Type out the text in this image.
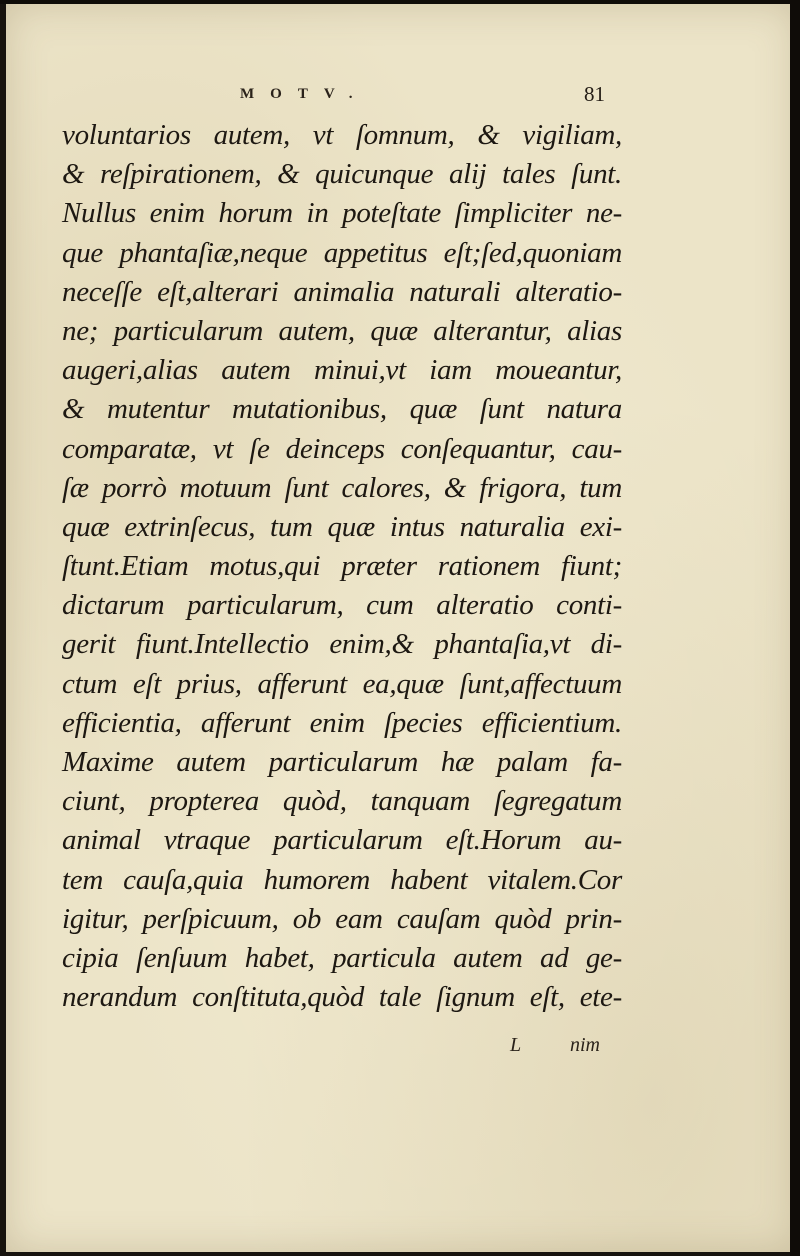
MOTV.	81
voluntarios autem, vt ſomnum, & vigiliam,
& reſpirationem, & quicunque alij tales ſunt.
Nullus enim horum in poteſtate ſimpliciter ne-
que phantaſiæ,neque appetitus eſt;ſed,quoniam
neceſſe eſt,alterari animalia naturali alteratio-
ne; particularum autem, quæ alterantur, alias
augeri,alias autem minui,vt iam moueantur,
& mutentur mutationibus, quæ ſunt natura
comparatæ, vt ſe deinceps conſequantur, cau-
ſæ porrò motuum ſunt calores, & frigora, tum
quæ extrinſecus, tum quæ intus naturalia exi-
ſtunt.Etiam motus,qui præter rationem fiunt;
dictarum particularum, cum alteratio conti-
gerit fiunt.Intellectio enim,& phantaſia,vt di-
ctum eſt prius, afferunt ea,quæ ſunt,affectuum
efficientia, afferunt enim ſpecies efficientium.
Maxime autem particularum hæ palam fa-
ciunt, propterea quòd, tanquam ſegregatum
animal vtraque particularum eſt.Horum au-
tem cauſa,quia humorem habent vitalem.Cor
igitur, perſpicuum, ob eam cauſam quòd prin-
cipia ſenſuum habet, particula autem ad ge-
nerandum conſtituta,quòd tale ſignum eſt, ete-
L nim
